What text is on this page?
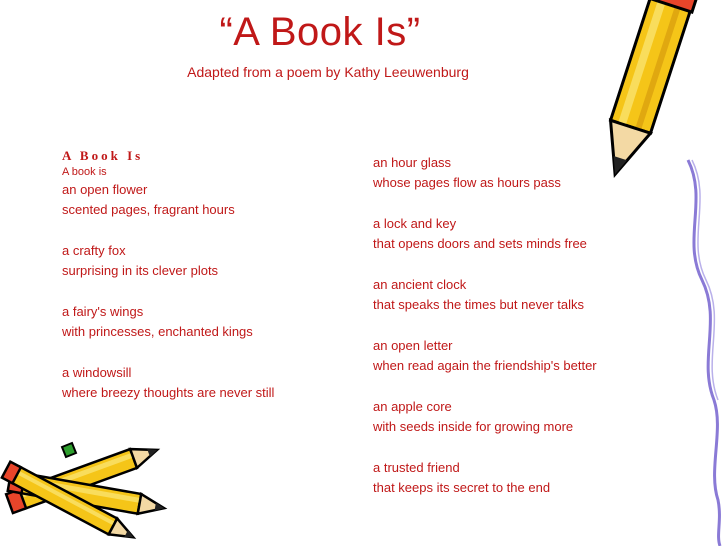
“A Book Is”
Adapted from a poem by Kathy Leeuwenburg
A Book Is
A book is
an open flower
scented pages, fragrant hours
a crafty fox
surprising in its clever plots
a fairy's wings
with princesses, enchanted kings
a windowsill
where breezy thoughts are never still
an hour glass
whose pages flow as hours pass
a lock and key
that opens doors and sets minds free
an ancient clock
that speaks the times but never talks
an open letter
when read again the friendship's better
an apple core
with seeds inside for growing more
a trusted friend
that keeps its secret to the end
